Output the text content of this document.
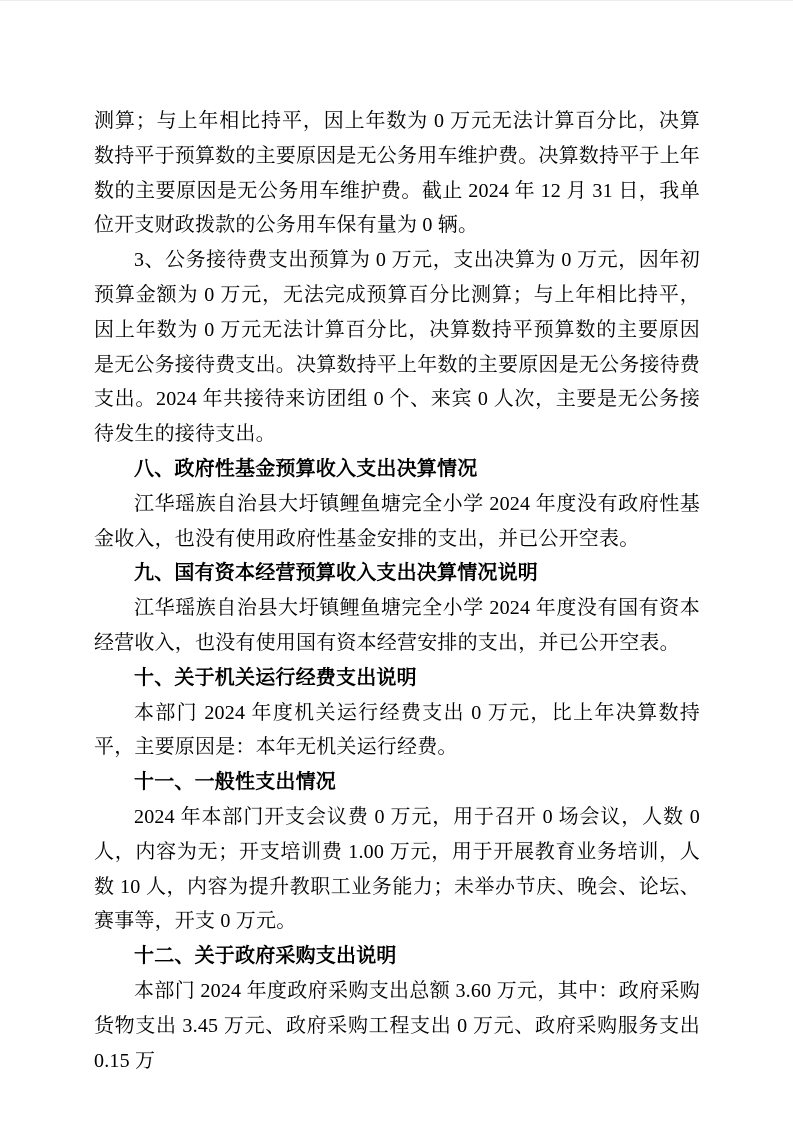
测算；与上年相比持平，因上年数为 0 万元无法计算百分比，决算数持平于预算数的主要原因是无公务用车维护费。决算数持平于上年数的主要原因是无公务用车维护费。截止 2024 年 12 月 31 日，我单位开支财政拨款的公务用车保有量为 0 辆。

3、公务接待费支出预算为 0 万元，支出决算为 0 万元，因年初预算金额为 0 万元，无法完成预算百分比测算；与上年相比持平，因上年数为 0 万元无法计算百分比，决算数持平预算数的主要原因是无公务接待费支出。决算数持平上年数的主要原因是无公务接待费支出。2024 年共接待来访团组 0 个、来宾 0 人次，主要是无公务接待发生的接待支出。

八、政府性基金预算收入支出决算情况

江华瑶族自治县大圩镇鲤鱼塘完全小学 2024 年度没有政府性基金收入，也没有使用政府性基金安排的支出，并已公开空表。

九、国有资本经营预算收入支出决算情况说明

江华瑶族自治县大圩镇鲤鱼塘完全小学 2024 年度没有国有资本经营收入，也没有使用国有资本经营安排的支出，并已公开空表。

十、关于机关运行经费支出说明

本部门 2024 年度机关运行经费支出 0 万元，比上年决算数持平，主要原因是：本年无机关运行经费。

十一、一般性支出情况

2024 年本部门开支会议费 0 万元，用于召开 0 场会议，人数 0 人，内容为无；开支培训费 1.00 万元，用于开展教育业务培训，人数 10 人，内容为提升教职工业务能力；未举办节庆、晚会、论坛、赛事等，开支 0 万元。

十二、关于政府采购支出说明

本部门 2024 年度政府采购支出总额 3.60 万元，其中：政府采购货物支出 3.45 万元、政府采购工程支出 0 万元、政府采购服务支出 0.15 万
